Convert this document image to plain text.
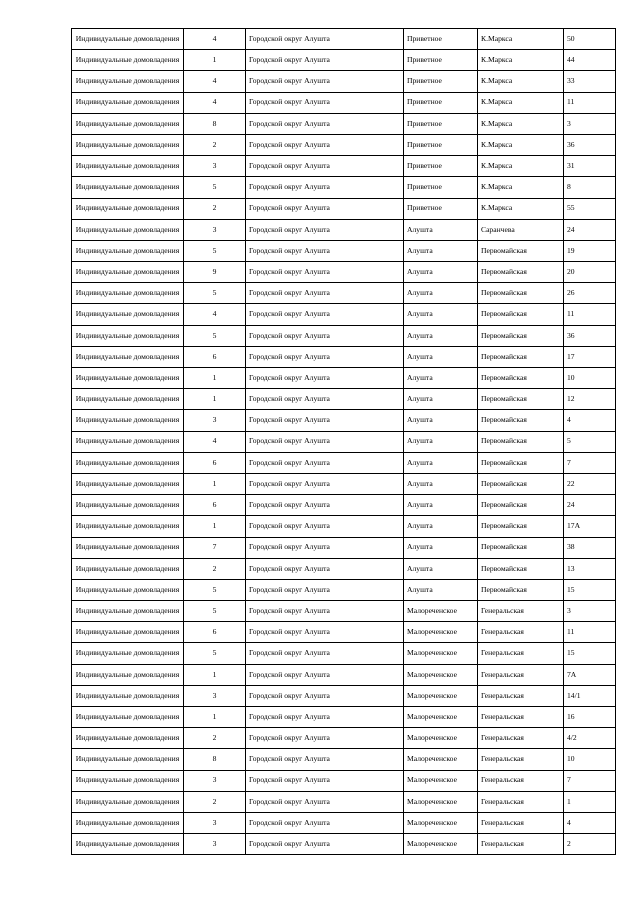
Индивидуальные домовладения	4	Городской округ Алушта	Приветное	К.Маркса	50
Индивидуальные домовладения	1	Городской округ Алушта	Приветное	К.Маркса	44
Индивидуальные домовладения	4	Городской округ Алушта	Приветное	К.Маркса	33
Индивидуальные домовладения	4	Городской округ Алушта	Приветное	К.Маркса	11
Индивидуальные домовладения	8	Городской округ Алушта	Приветное	К.Маркса	3
Индивидуальные домовладения	2	Городской округ Алушта	Приветное	К.Маркса	36
Индивидуальные домовладения	3	Городской округ Алушта	Приветное	К.Маркса	31
Индивидуальные домовладения	5	Городской округ Алушта	Приветное	К.Маркса	8
Индивидуальные домовладения	2	Городской округ Алушта	Приветное	К.Маркса	55
Индивидуальные домовладения	3	Городской округ Алушта	Алушта	Саранчева	24
Индивидуальные домовладения	5	Городской округ Алушта	Алушта	Первомайская	19
Индивидуальные домовладения	9	Городской округ Алушта	Алушта	Первомайская	20
Индивидуальные домовладения	5	Городской округ Алушта	Алушта	Первомайская	26
Индивидуальные домовладения	4	Городской округ Алушта	Алушта	Первомайская	11
Индивидуальные домовладения	5	Городской округ Алушта	Алушта	Первомайская	36
Индивидуальные домовладения	6	Городской округ Алушта	Алушта	Первомайская	17
Индивидуальные домовладения	1	Городской округ Алушта	Алушта	Первомайская	10
Индивидуальные домовладения	1	Городской округ Алушта	Алушта	Первомайская	12
Индивидуальные домовладения	3	Городской округ Алушта	Алушта	Первомайская	4
Индивидуальные домовладения	4	Городской округ Алушта	Алушта	Первомайская	5
Индивидуальные домовладения	6	Городской округ Алушта	Алушта	Первомайская	7
Индивидуальные домовладения	1	Городской округ Алушта	Алушта	Первомайская	22
Индивидуальные домовладения	6	Городской округ Алушта	Алушта	Первомайская	24
Индивидуальные домовладения	1	Городской округ Алушта	Алушта	Первомайская	17А
Индивидуальные домовладения	7	Городской округ Алушта	Алушта	Первомайская	38
Индивидуальные домовладения	2	Городской округ Алушта	Алушта	Первомайская	13
Индивидуальные домовладения	5	Городской округ Алушта	Алушта	Первомайская	15
Индивидуальные домовладения	5	Городской округ Алушта	Малореченское	Генеральская	3
Индивидуальные домовладения	6	Городской округ Алушта	Малореченское	Генеральская	11
Индивидуальные домовладения	5	Городской округ Алушта	Малореченское	Генеральская	15
Индивидуальные домовладения	1	Городской округ Алушта	Малореченское	Генеральская	7А
Индивидуальные домовладения	3	Городской округ Алушта	Малореченское	Генеральская	14/1
Индивидуальные домовладения	1	Городской округ Алушта	Малореченское	Генеральская	16
Индивидуальные домовладения	2	Городской округ Алушта	Малореченское	Генеральская	4/2
Индивидуальные домовладения	8	Городской округ Алушта	Малореченское	Генеральская	10
Индивидуальные домовладения	3	Городской округ Алушта	Малореченское	Генеральская	7
Индивидуальные домовладения	2	Городской округ Алушта	Малореченское	Генеральская	1
Индивидуальные домовладения	3	Городской округ Алушта	Малореченское	Генеральская	4
Индивидуальные домовладения	3	Городской округ Алушта	Малореченское	Генеральская	2
